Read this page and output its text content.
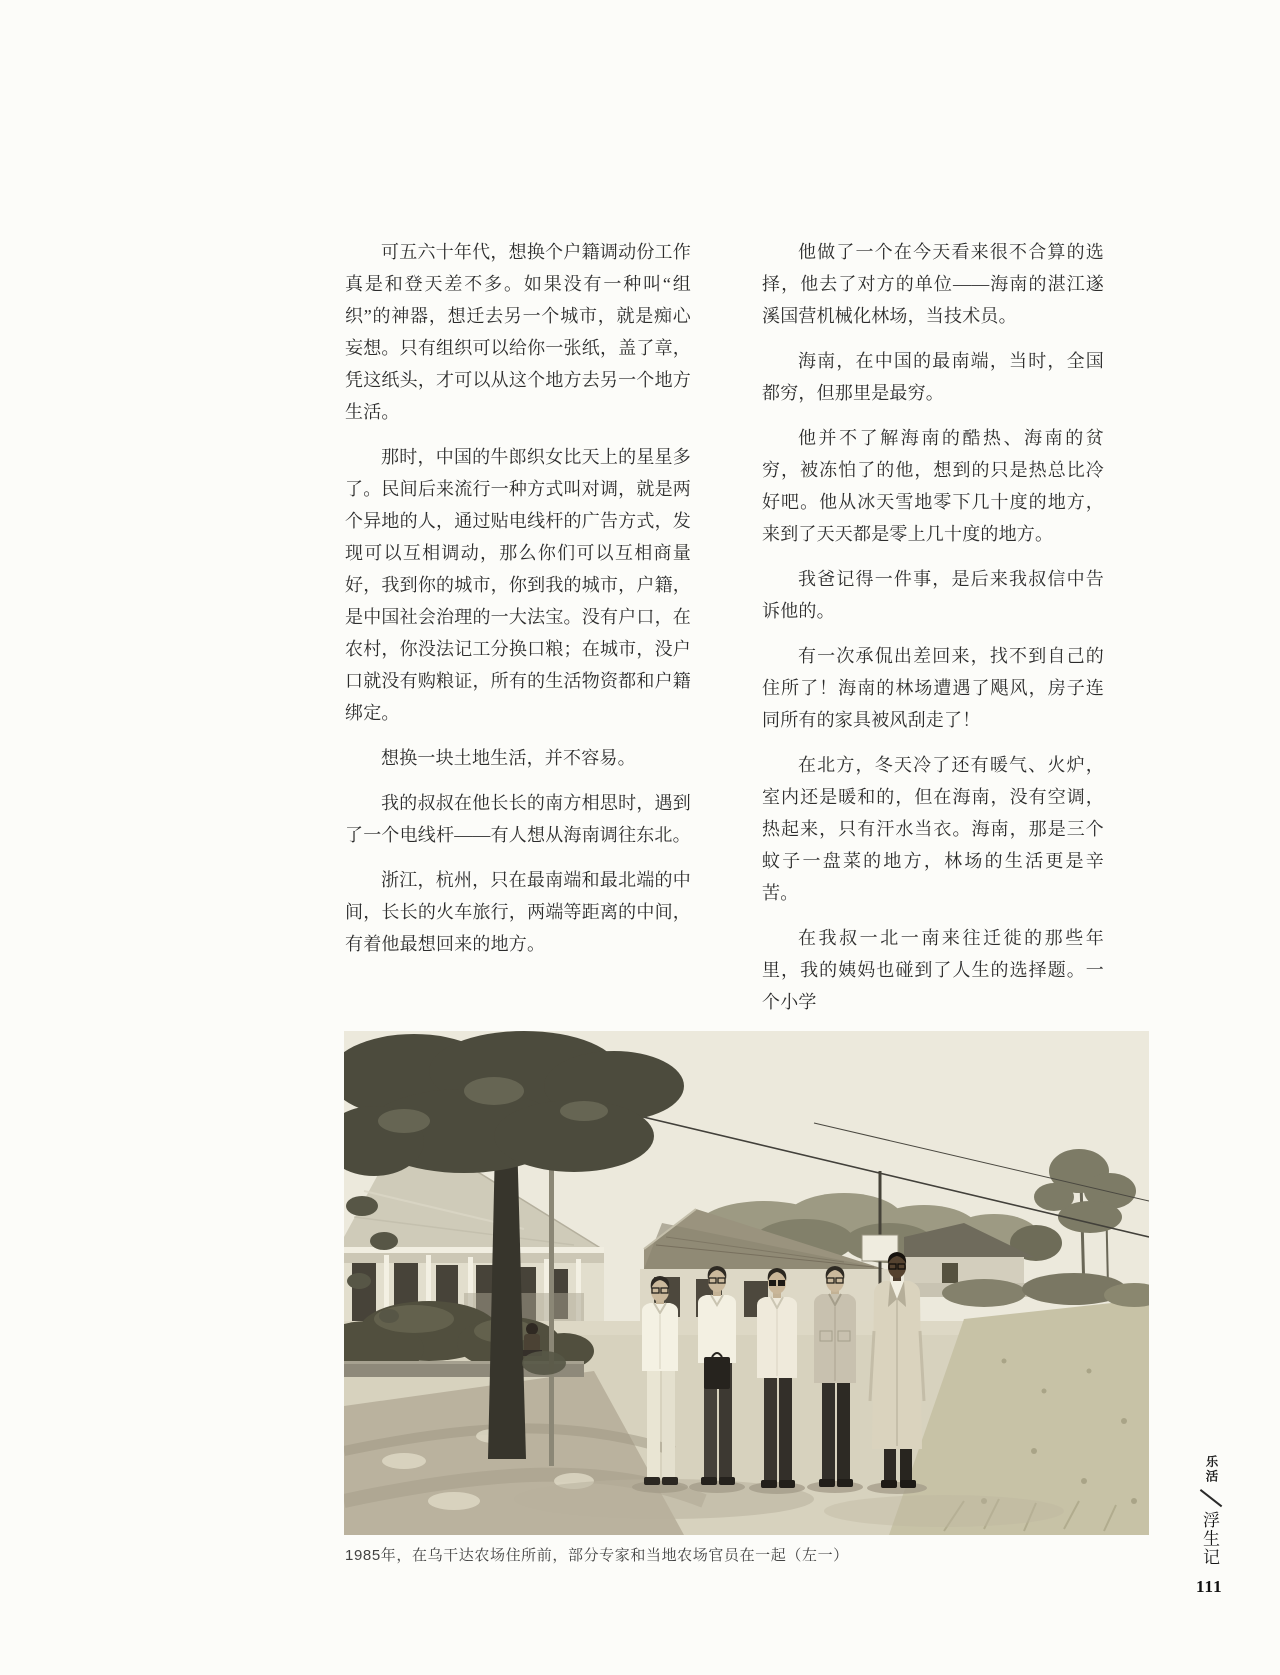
可五六十年代，想换个户籍调动份工作真是和登天差不多。如果没有一种叫“组织”的神器，想迁去另一个城市，就是痴心妄想。只有组织可以给你一张纸，盖了章，凭这纸头，才可以从这个地方去另一个地方生活。

那时，中国的牛郎织女比天上的星星多了。民间后来流行一种方式叫对调，就是两个异地的人，通过贴电线杆的广告方式，发现可以互相调动，那么你们可以互相商量好，我到你的城市，你到我的城市，户籍，是中国社会治理的一大法宝。没有户口，在农村，你没法记工分换口粮；在城市，没户口就没有购粮证，所有的生活物资都和户籍绑定。

想换一块土地生活，并不容易。

我的叔叔在他长长的南方相思时，遇到了一个电线杆——有人想从海南调往东北。

浙江，杭州，只在最南端和最北端的中间，长长的火车旅行，两端等距离的中间，有着他最想回来的地方。

他做了一个在今天看来很不合算的选择，他去了对方的单位——海南的湛江遂溪国营机械化林场，当技术员。

海南，在中国的最南端，当时，全国都穷，但那里是最穷。

他并不了解海南的酷热、海南的贫穷，被冻怕了的他，想到的只是热总比冷好吧。他从冰天雪地零下几十度的地方，来到了天天都是零上几十度的地方。

我爸记得一件事，是后来我叔信中告诉他的。

有一次承侃出差回来，找不到自己的住所了！海南的林场遭遇了飓风，房子连同所有的家具被风刮走了！

在北方，冬天冷了还有暖气、火炉，室内还是暖和的，但在海南，没有空调，热起来，只有汗水当衣。海南，那是三个蚊子一盘菜的地方，林场的生活更是辛苦。

在我叔一北一南来往迁徙的那些年里，我的姨妈也碰到了人生的选择题。一个小学

1985年，在乌干达农场住所前，部分专家和当地农场官员在一起（左一）
乐活
浮生记
111
